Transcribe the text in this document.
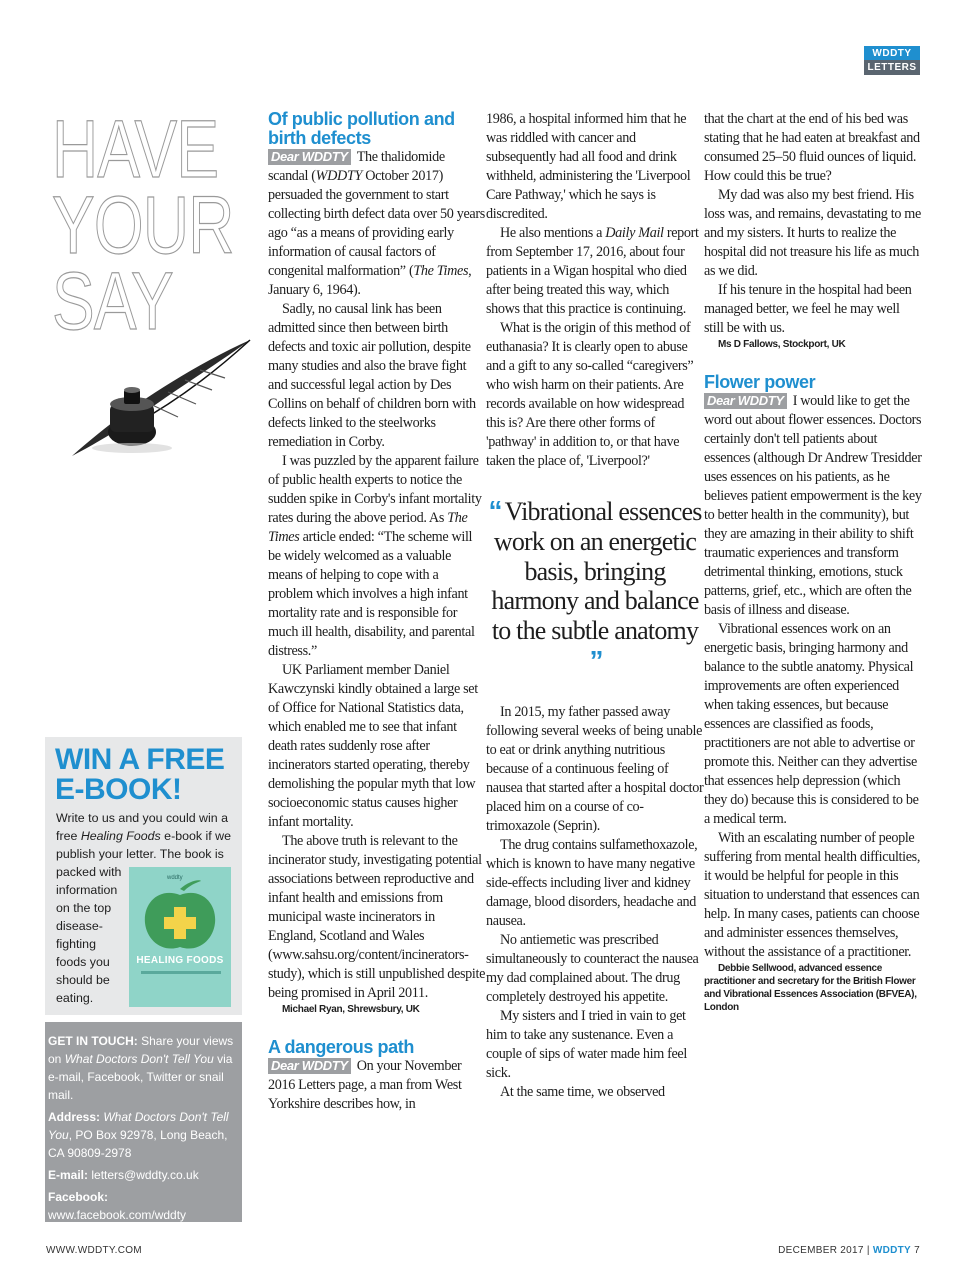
WDDTY
LETTERS
HAVE
YOUR
SAY
WIN A FREE
E-BOOK!
Write to us and you could win a free Healing Foods e-book if we publish your letter. The book is
packed with
information
on the top
disease-
fighting
foods you
should be
eating.
wddty
HEALING FOODS

GET IN TOUCH: Share your views on What Doctors Don't Tell You via e-mail, Facebook, Twitter or snail mail.

Address: What Doctors Don't Tell You, PO Box 92978, Long Beach, CA 90809-2978

E-mail: letters@wddty.co.uk

Facebook: www.facebook.com/wddty

Twitter: www.twitter.com/wddty

Of public pollution and birth defects

Dear WDDTY The thalidomide scandal (WDDTY October 2017) persuaded the government to start collecting birth defect data over 50 years ago “as a means of providing early information of causal factors of congenital malformation” (The Times, January 6, 1964).

Sadly, no causal link has been admitted since then between birth defects and toxic air pollution, despite many studies and also the brave fight and successful legal action by Des Collins on behalf of children born with defects linked to the steelworks remediation in Corby.

I was puzzled by the apparent failure of public health experts to notice the sudden spike in Corby's infant mortality rates during the above period. As The Times article ended: “The scheme will be widely welcomed as a valuable means of helping to cope with a problem which involves a high infant mortality rate and is responsible for much ill health, disability, and parental distress.”

UK Parliament member Daniel Kawczynski kindly obtained a large set of Office for National Statistics data, which enabled me to see that infant death rates suddenly rose after incinerators started operating, thereby demolishing the popular myth that low socioeconomic status causes higher infant mortality.

The above truth is relevant to the incinerator study, investigating potential associations between reproductive and infant health and emissions from municipal waste incinerators in England, Scotland and Wales (www.sahsu.org/content/incinerators-study), which is still unpublished despite being promised in April 2011.

Michael Ryan, Shrewsbury, UK

A dangerous path

Dear WDDTY On your November 2016 Letters page, a man from West Yorkshire describes how, in

1986, a hospital informed him that he was riddled with cancer and subsequently had all food and drink withheld, administering the 'Liverpool Care Pathway,' which he says is discredited.

He also mentions a Daily Mail report from September 17, 2016, about four patients in a Wigan hospital who died after being treated this way, which shows that this practice is continuing.

What is the origin of this method of euthanasia? It is clearly open to abuse and a gift to any so-called “caregivers” who wish harm on their patients. Are records available on how widespread this is? Are there other forms of 'pathway' in addition to, or that have taken the place of, 'Liverpool?'

“ Vibrational essences work on an energetic basis, bringing harmony and balance to the subtle anatomy ”

In 2015, my father passed away following several weeks of being unable to eat or drink anything nutritious because of a continuous feeling of nausea that started after a hospital doctor placed him on a course of co-trimoxazole (Seprin).

The drug contains sulfamethoxazole, which is known to have many negative side-effects including liver and kidney damage, blood disorders, headache and nausea.

No antiemetic was prescribed simultaneously to counteract the nausea my dad complained about. The drug completely destroyed his appetite.

My sisters and I tried in vain to get him to take any sustenance. Even a couple of sips of water made him feel sick.

At the same time, we observed

that the chart at the end of his bed was stating that he had eaten at breakfast and consumed 25–50 fluid ounces of liquid. How could this be true?

My dad was also my best friend. His loss was, and remains, devastating to me and my sisters. It hurts to realize the hospital did not treasure his life as much as we did.

If his tenure in the hospital had been managed better, we feel he may well still be with us.

Ms D Fallows, Stockport, UK

Flower power

Dear WDDTY I would like to get the word out about flower essences. Doctors certainly don't tell patients about essences (although Dr Andrew Tresidder uses essences on his patients, as he believes patient empowerment is the key to better health in the community), but they are amazing in their ability to shift traumatic experiences and transform detrimental thinking, emotions, stuck patterns, grief, etc., which are often the basis of illness and disease.

Vibrational essences work on an energetic basis, bringing harmony and balance to the subtle anatomy. Physical improvements are often experienced when taking essences, but because essences are classified as foods, practitioners are not able to advertise or promote this. Neither can they advertise that essences help depression (which they do) because this is considered to be a medical term.

With an escalating number of people suffering from mental health difficulties, it would be helpful for people in this situation to understand that essences can help. In many cases, patients can choose and administer essences themselves, without the assistance of a practitioner.

Debbie Sellwood, advanced essence practitioner and secretary for the British Flower and Vibrational Essences Association (BFVEA), London

WWW.WDDTY.COM	DECEMBER 2017 | WDDTY 7
